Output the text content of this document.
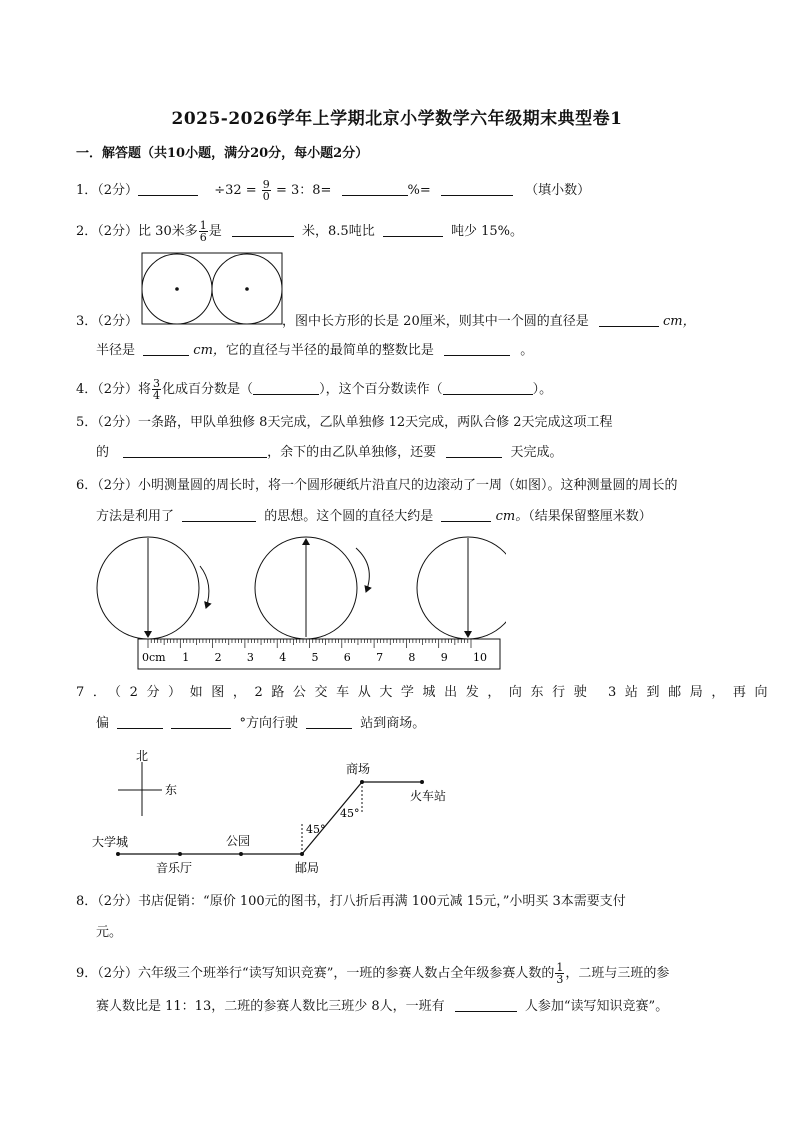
2025-2026学年上学期北京小学数学六年级期末典型卷1
一．解答题（共10小题，满分20分，每小题2分）
1．（2分）	$\div 32 = \frac{9}{0} = 3$：8=	%=	（填小数）
2．（2分）比 30米多 $\frac{1}{6}$ 是	米，8.5吨比	吨少 15%。
3．（2分）	，图中长方形的长是 20厘米，则其中一个圆的直径是	cm，
半径是	cm，它的直径与半径的最简单的整数比是	。
4．（2分）将 $\frac{3}{4}$ 化成百分数是（	），这个百分数读作（	）。
5．（2分）一条路，甲队单独修 8天完成，乙队单独修 12天完成，两队合修 2天完成这项工程
的	，余下的由乙队单独修，还要	天完成。
6．（2分）小明测量圆的周长时，将一个圆形硬纸片沿直尺的边滚动了一周（如图）。这种测量圆的周长的
方法是利用了	的思想。这个圆的直径大约是	cm。（结果保留整厘米数）
0cm 1 2 3 4 5 6 7 8 9 10
7．（2分）如图，2路公交车从大学城出发，向东行驶 3站到邮局，再向
偏	°方向行驶	站到商场。
北
东
大学城
音乐厅
公园
邮局
商场
火车站
45°
45°
8．（2分）书店促销：“原价 100元的图书，打八折后再满 100元减 15元，”小明买 3本需要支付
元。
9．（2分）六年级三个班举行“读写知识竞赛”，一班的参赛人数占全年级参赛人数的 $\frac{1}{3}$ ，二班与三班的参
赛人数比是 11：13，二班的参赛人数比三班少 8人，一班有	人参加“读写知识竞赛”。
